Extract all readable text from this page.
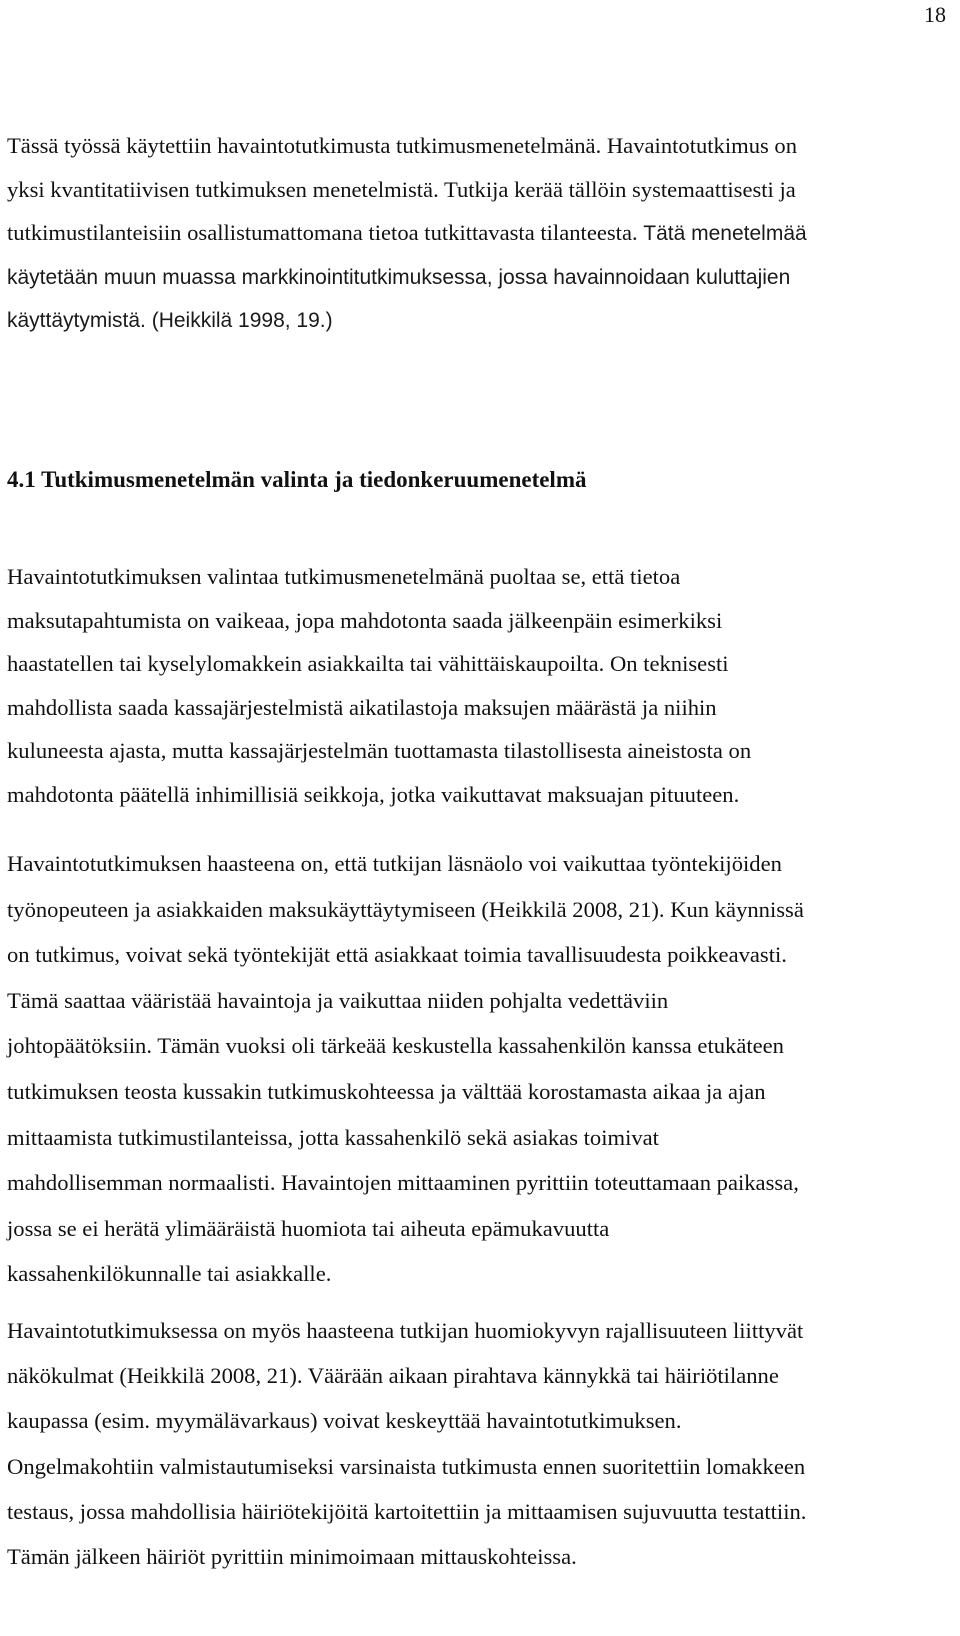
18
Tässä työssä käytettiin havaintotutkimusta tutkimusmenetelmänä. Havaintotutkimus on
yksi kvantitatiivisen tutkimuksen menetelmistä. Tutkija kerää tällöin systemaattisesti ja
tutkimustilanteisiin osallistumattomana tietoa tutkittavasta tilanteesta. Tätä menetelmää
käytetään muun muassa markkinointitutkimuksessa, jossa havainnoidaan kuluttajien
käyttäytymistä. (Heikkilä 1998, 19.)
4.1 Tutkimusmenetelmän valinta ja tiedonkeruumenetelmä
Havaintotutkimuksen valintaa tutkimusmenetelmänä puoltaa se, että tietoa
maksutapahtumista on vaikeaa, jopa mahdotonta saada jälkeenpäin esimerkiksi
haastatellen tai kyselylomakkein asiakkailta tai vähittäiskaupoilta. On teknisesti
mahdollista saada kassajärjestelmistä aikatilastoja maksujen määrästä ja niihin
kuluneesta ajasta, mutta kassajärjestelmän tuottamasta tilastollisesta aineistosta on
mahdotonta päätellä inhimillisiä seikkoja, jotka vaikuttavat maksuajan pituuteen.
Havaintotutkimuksen haasteena on, että tutkijan läsnäolo voi vaikuttaa työntekijöiden
työnopeuteen ja asiakkaiden maksukäyttäytymiseen (Heikkilä 2008, 21). Kun käynnissä
on tutkimus, voivat sekä työntekijät että asiakkaat toimia tavallisuudesta poikkeavasti.
Tämä saattaa vääristää havaintoja ja vaikuttaa niiden pohjalta vedettäviin
johtopäätöksiin. Tämän vuoksi oli tärkeää keskustella kassahenkilön kanssa etukäteen
tutkimuksen teosta kussakin tutkimuskohteessa ja välttää korostamasta aikaa ja ajan
mittaamista tutkimustilanteissa, jotta kassahenkilö sekä asiakas toimivat
mahdollisemman normaalisti. Havaintojen mittaaminen pyrittiin toteuttamaan paikassa,
jossa se ei herätä ylimääräistä huomiota tai aiheuta epämukavuutta
kassahenkilökunnalle tai asiakkalle.
Havaintotutkimuksessa on myös haasteena tutkijan huomiokyvyn rajallisuuteen liittyvät
näkökulmat (Heikkilä 2008, 21). Väärään aikaan pirahtava kännykkä tai häiriötilanne
kaupassa (esim. myymälävarkaus) voivat keskeyttää havaintotutkimuksen.
Ongelmakohtiin valmistautumiseksi varsinaista tutkimusta ennen suoritettiin lomakkeen
testaus, jossa mahdollisia häiriötekijöitä kartoitettiin ja mittaamisen sujuvuutta testattiin.
Tämän jälkeen häiriöt pyrittiin minimoimaan mittauskohteissa.
